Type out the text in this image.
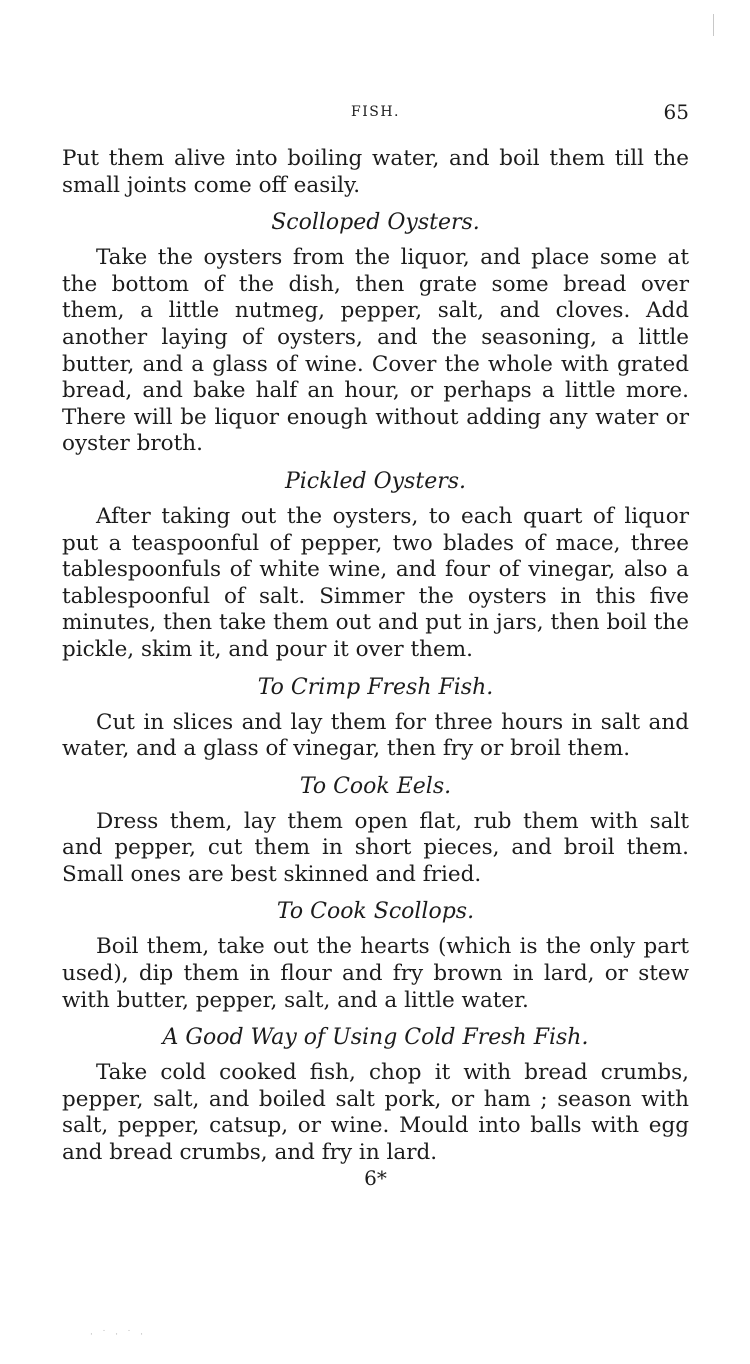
FISH.	65

Put them alive into boiling water, and boil them till the small joints come off easily.

Scolloped Oysters.

Take the oysters from the liquor, and place some at the bottom of the dish, then grate some bread over them, a little nutmeg, pepper, salt, and cloves. Add another laying of oysters, and the seasoning, a little butter, and a glass of wine. Cover the whole with grated bread, and bake half an hour, or perhaps a little more. There will be liquor enough without adding any water or oyster broth.

Pickled Oysters.

After taking out the oysters, to each quart of liquor put a teaspoonful of pepper, two blades of mace, three tablespoonfuls of white wine, and four of vinegar, also a tablespoonful of salt. Simmer the oysters in this five minutes, then take them out and put in jars, then boil the pickle, skim it, and pour it over them.

To Crimp Fresh Fish.

Cut in slices and lay them for three hours in salt and water, and a glass of vinegar, then fry or broil them.

To Cook Eels.

Dress them, lay them open flat, rub them with salt and pepper, cut them in short pieces, and broil them. Small ones are best skinned and fried.

To Cook Scollops.

Boil them, take out the hearts (which is the only part used), dip them in flour and fry brown in lard, or stew with butter, pepper, salt, and a little water.

A Good Way of Using Cold Fresh Fish.

Take cold cooked fish, chop it with bread crumbs, pepper, salt, and boiled salt pork, or ham ; season with salt, pepper, catsup, or wine. Mould into balls with egg and bread crumbs, and fry in lard.

6*
· ˙ · ˙ ·
